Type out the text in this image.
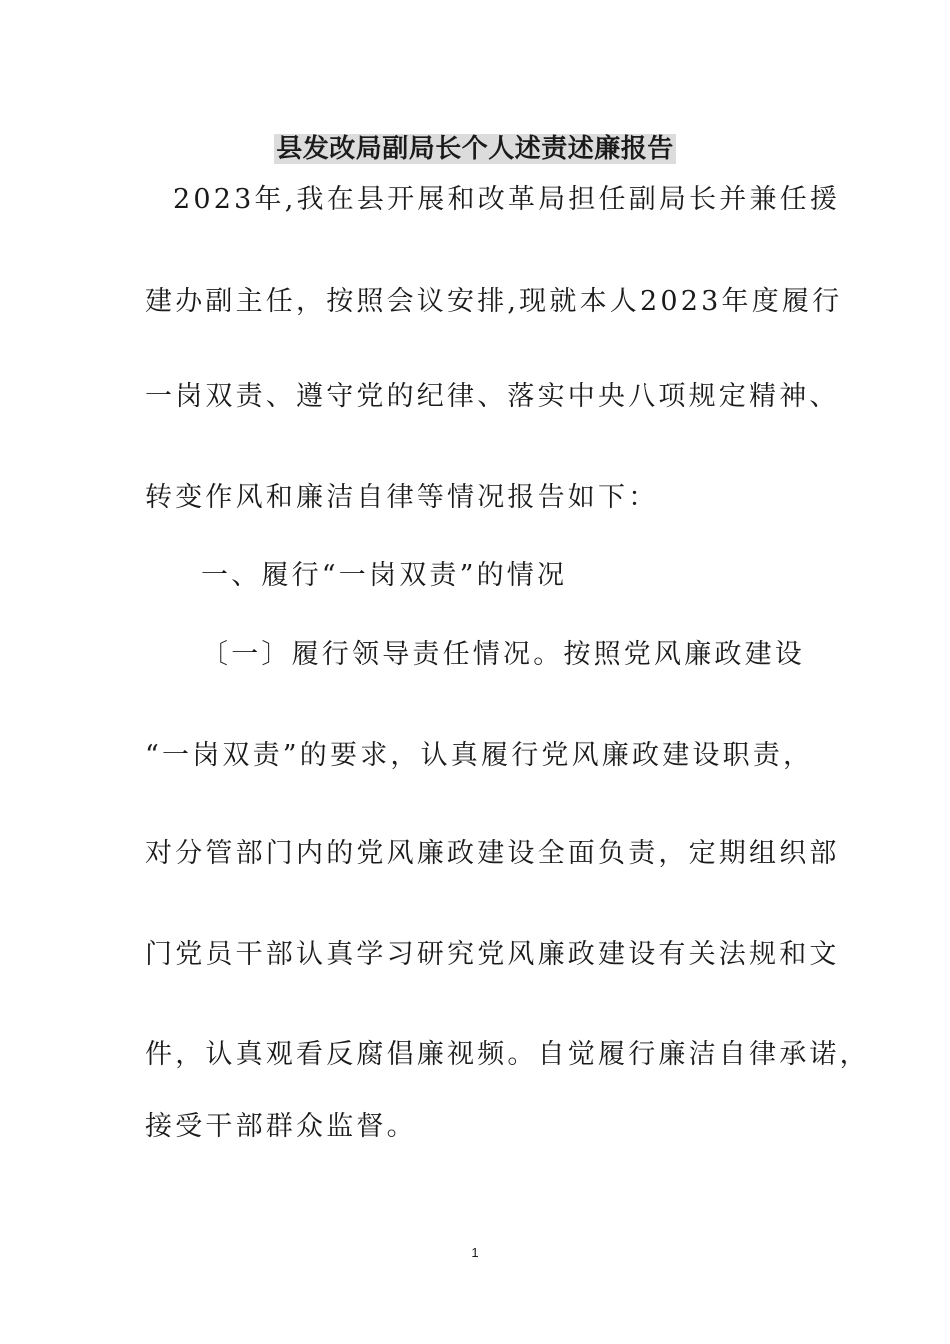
县发改局副局长个人述责述廉报告
2023年,我在县开展和改革局担任副局长并兼任援
建办副主任，按照会议安排,现就本人2023年度履行
一岗双责、遵守党的纪律、落实中央八项规定精神、
转变作风和廉洁自律等情况报告如下：
一、履行“一岗双责”的情况
〔一〕履行领导责任情况。按照党风廉政建设
“一岗双责”的要求，认真履行党风廉政建设职责，
对分管部门内的党风廉政建设全面负责，定期组织部
门党员干部认真学习研究党风廉政建设有关法规和文
件，认真观看反腐倡廉视频。自觉履行廉洁自律承诺，
接受干部群众监督。
1
